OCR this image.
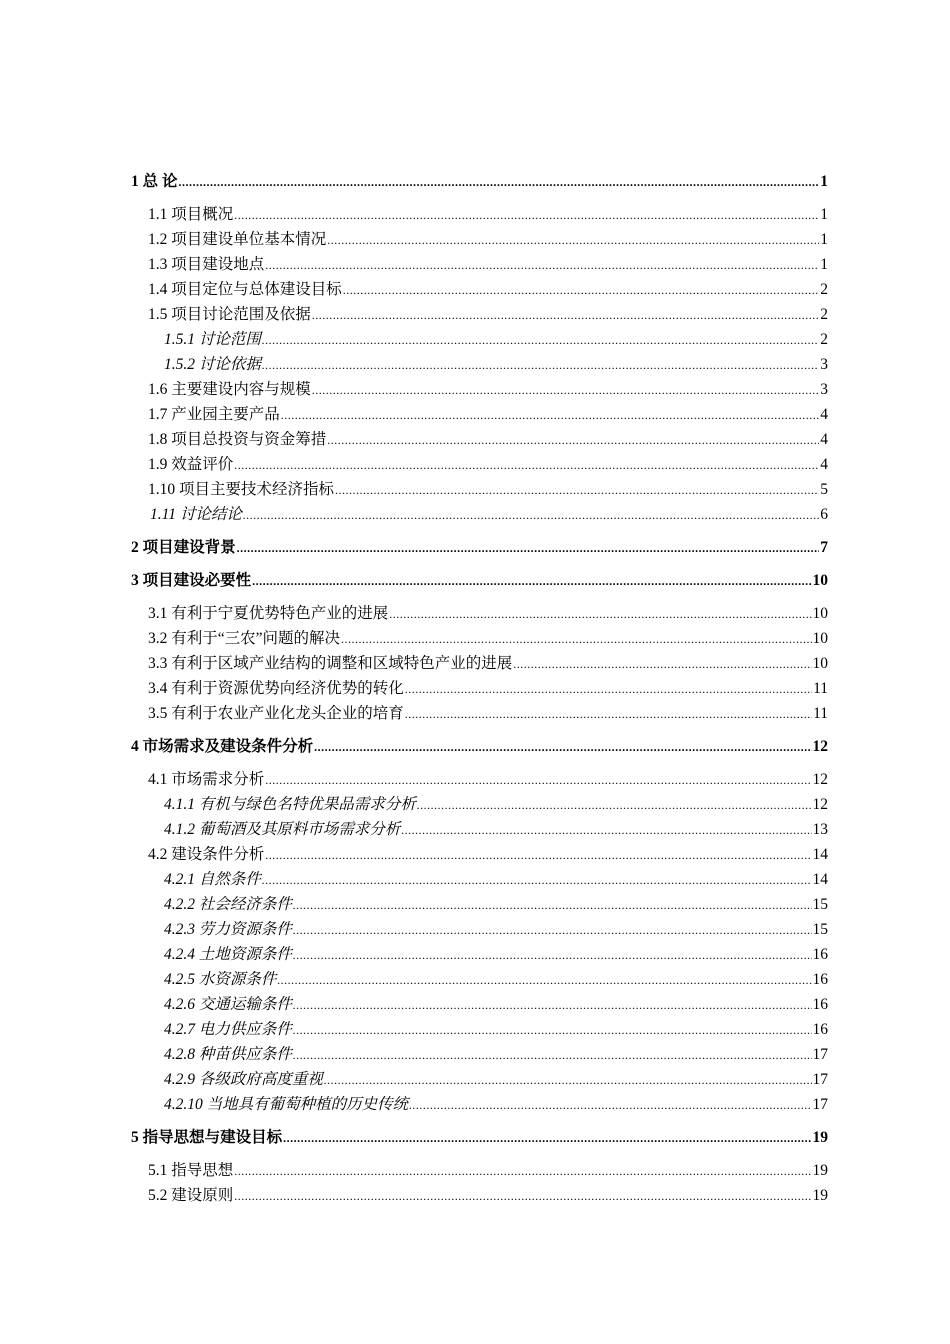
1 总 论 .....	1
1.1 项目概况 .....	1
1.2 项目建设单位基本情况 .....	1
1.3 项目建设地点 .....	1
1.4 项目定位与总体建设目标 .....	2
1.5 项目讨论范围及依据 .....	2
1.5.1 讨论范围 .....	2
1.5.2 讨论依据 .....	3
1.6 主要建设内容与规模 .....	3
1.7 产业园主要产品 .....	4
1.8 项目总投资与资金筹措 .....	4
1.9 效益评价 .....	4
1.10 项目主要技术经济指标 .....	5
1.11 讨论结论 .....	6
2 项目建设背景 .....	7
3 项目建设必要性 .....	10
3.1 有利于宁夏优势特色产业的进展 .....	10
3.2 有利于“三农”问题的解决 .....	10
3.3 有利于区域产业结构的调整和区域特色产业的进展 .....	10
3.4 有利于资源优势向经济优势的转化 .....	11
3.5 有利于农业产业化龙头企业的培育 .....	11
4 市场需求及建设条件分析 .....	12
4.1 市场需求分析 .....	12
4.1.1 有机与绿色名特优果品需求分析 .....	12
4.1.2 葡萄酒及其原料市场需求分析 .....	13
4.2 建设条件分析 .....	14
4.2.1 自然条件 .....	14
4.2.2 社会经济条件 .....	15
4.2.3 劳力资源条件 .....	15
4.2.4 土地资源条件 .....	16
4.2.5 水资源条件 .....	16
4.2.6 交通运输条件 .....	16
4.2.7 电力供应条件 .....	16
4.2.8 种苗供应条件 .....	17
4.2.9 各级政府高度重视 .....	17
4.2.10 当地具有葡萄种植的历史传统 .....	17
5 指导思想与建设目标 .....	19
5.1 指导思想 .....	19
5.2 建设原则 .....	19
